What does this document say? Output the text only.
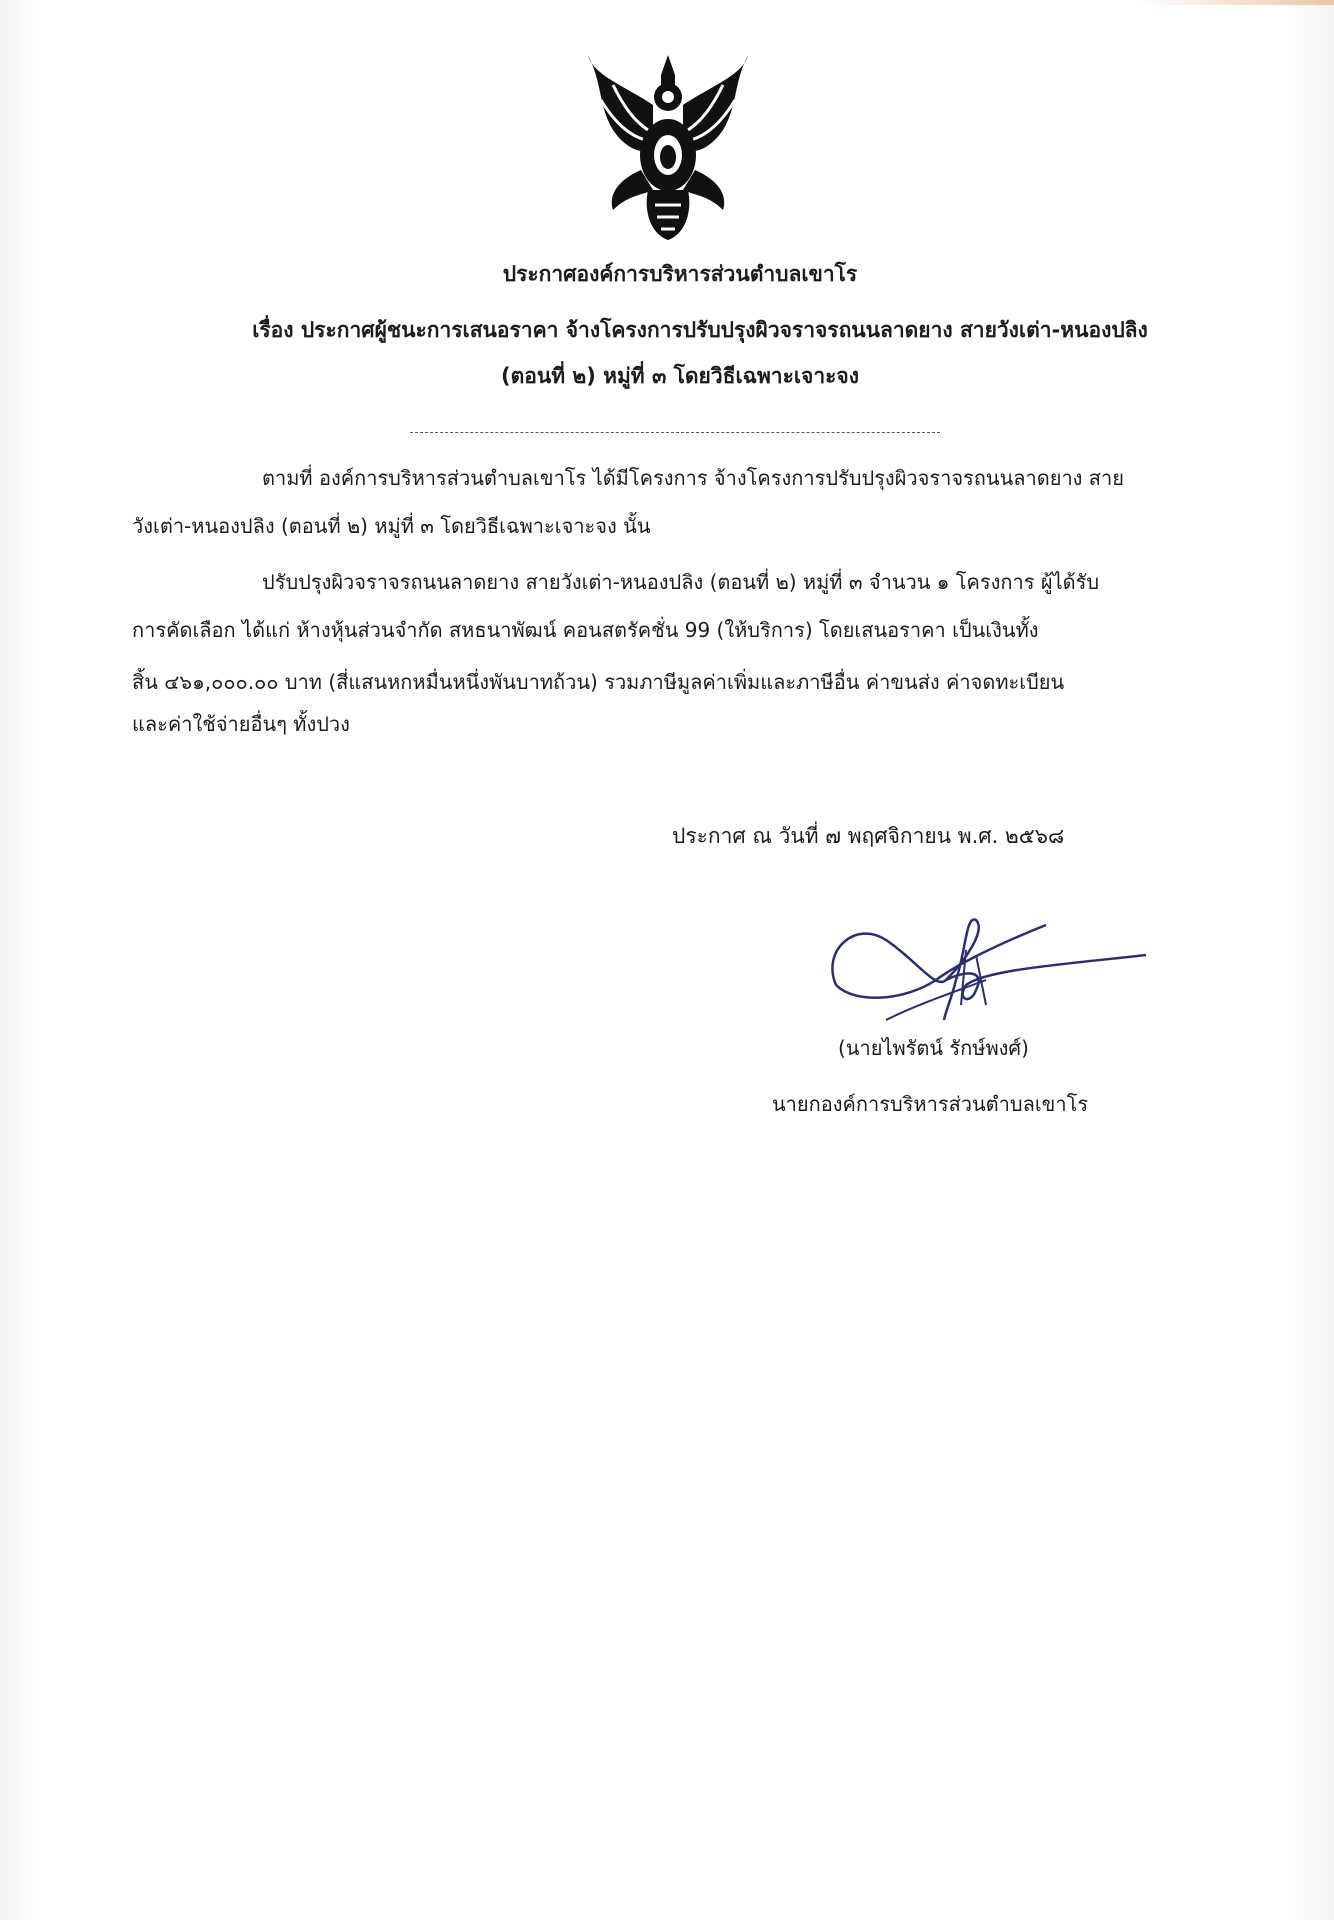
ประกาศองค์การบริหารส่วนตำบลเขาโร
เรื่อง ประกาศผู้ชนะการเสนอราคา จ้างโครงการปรับปรุงผิวจราจรถนนลาดยาง สายวังเต่า-หนองปลิง
(ตอนที่ ๒) หมู่ที่ ๓ โดยวิธีเฉพาะเจาะจง
ตามที่ องค์การบริหารส่วนตำบลเขาโร ได้มีโครงการ จ้างโครงการปรับปรุงผิวจราจรถนนลาดยาง สาย
วังเต่า-หนองปลิง (ตอนที่ ๒) หมู่ที่ ๓ โดยวิธีเฉพาะเจาะจง นั้น
ปรับปรุงผิวจราจรถนนลาดยาง สายวังเต่า-หนองปลิง (ตอนที่ ๒) หมู่ที่ ๓ จำนวน ๑ โครงการ ผู้ได้รับ
การคัดเลือก ได้แก่ ห้างหุ้นส่วนจำกัด สหธนาพัฒน์ คอนสตรัคชั่น 99 (ให้บริการ) โดยเสนอราคา เป็นเงินทั้ง
สิ้น ๔๖๑,๐๐๐.๐๐ บาท (สี่แสนหกหมื่นหนึ่งพันบาทถ้วน) รวมภาษีมูลค่าเพิ่มและภาษีอื่น ค่าขนส่ง ค่าจดทะเบียน
และค่าใช้จ่ายอื่นๆ ทั้งปวง
ประกาศ ณ วันที่ ๗ พฤศจิกายน พ.ศ. ๒๕๖๘
(นายไพรัตน์ รักษ์พงศ์)
นายกองค์การบริหารส่วนตำบลเขาโร
